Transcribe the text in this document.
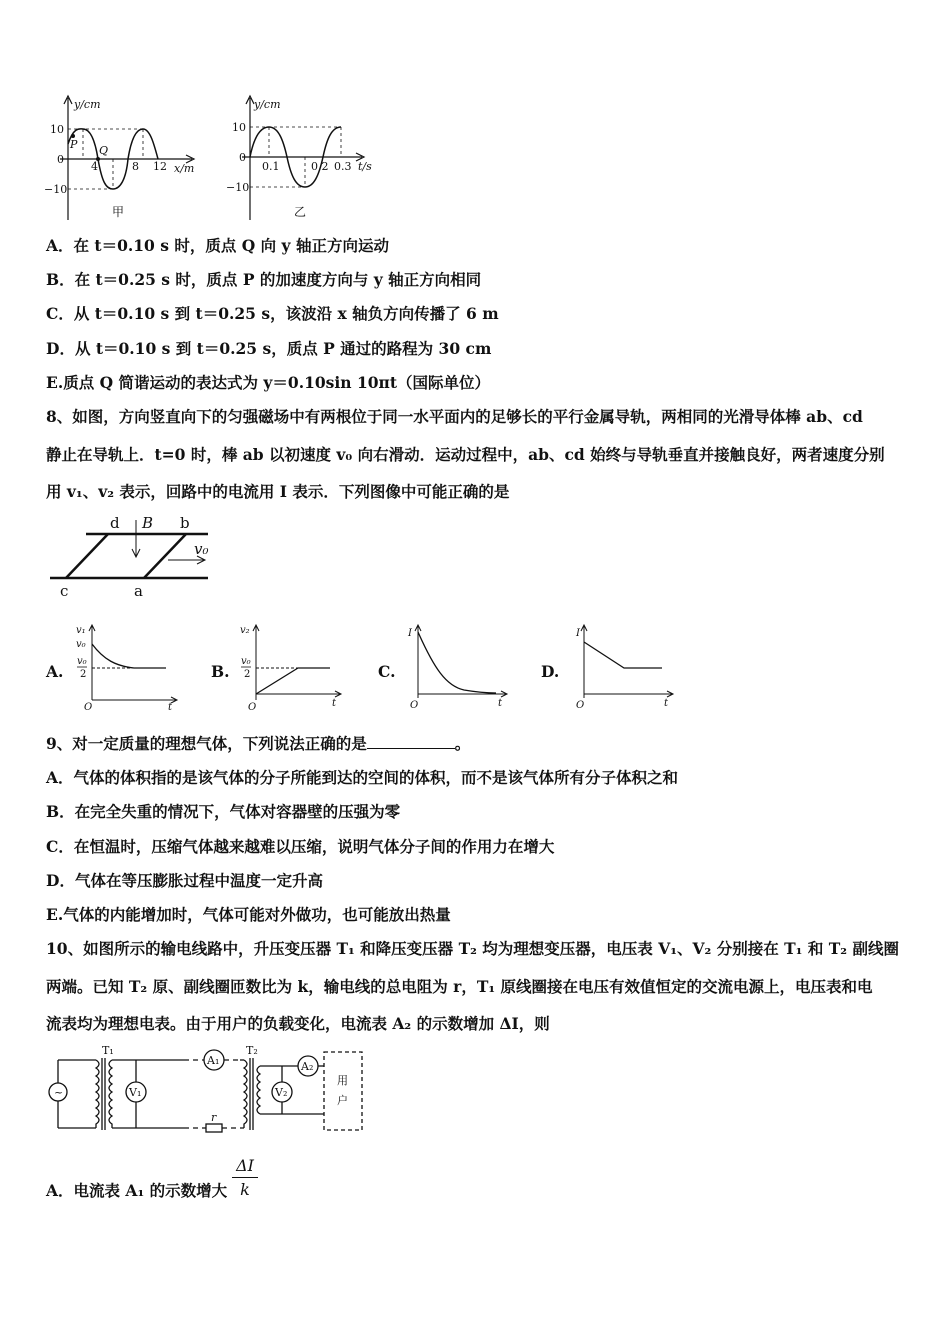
y/cm
10
0
−10
4	8 12 x/m
P Q
甲
y/cm
10
0
−10
0.1	0.2 0.3 t/s
乙
A．在 t＝0.10 s 时，质点 Q 向 y 轴正方向运动
B．在 t＝0.25 s 时，质点 P 的加速度方向与 y 轴正方向相同
C．从 t＝0.10 s 到 t＝0.25 s，该波沿 x 轴负方向传播了 6 m
D．从 t＝0.10 s 到 t＝0.25 s，质点 P 通过的路程为 30 cm
E.质点 Q 简谐运动的表达式为 y＝0.10sin 10πt（国际单位）
8、如图，方向竖直向下的匀强磁场中有两根位于同一水平面内的足够长的平行金属导轨，两相同的光滑导体棒 ab、cd
静止在导轨上．t=0 时，棒 ab 以初速度 v₀ 向右滑动．运动过程中，ab、cd 始终与导轨垂直并接触良好，两者速度分别
用 v₁、v₂ 表示，回路中的电流用 I 表示．下列图像中可能正确的是
d B b
v₀
c	a
A.
v₁
v₀
v₀
2
O	t
B.
v₂
v₀
2
O	t
C.
I
O	t
D.
I
O	t
9、对一定质量的理想气体，下列说法正确的是	。
A．气体的体积指的是该气体的分子所能到达的空间的体积，而不是该气体所有分子体积之和
B．在完全失重的情况下，气体对容器壁的压强为零
C．在恒温时，压缩气体越来越难以压缩，说明气体分子间的作用力在增大
D．气体在等压膨胀过程中温度一定升高
E.气体的内能增加时，气体可能对外做功，也可能放出热量
10、如图所示的输电线路中，升压变压器 T₁ 和降压变压器 T₂ 均为理想变压器，电压表 V₁、V₂ 分别接在 T₁ 和 T₂ 副线圈
两端。已知 T₂ 原、副线圈匝数比为 k，输电线的总电阻为 r，T₁ 原线圈接在电压有效值恒定的交流电源上，电压表和电
流表均为理想电表。由于用户的负载变化，电流表 A₂ 的示数增加 ΔI，则
~
T₁	T₂
A₁	A₂
V₁	V₂
r
用
户
A．电流表 A₁ 的示数增大 $\frac{\Delta I}{k}$
